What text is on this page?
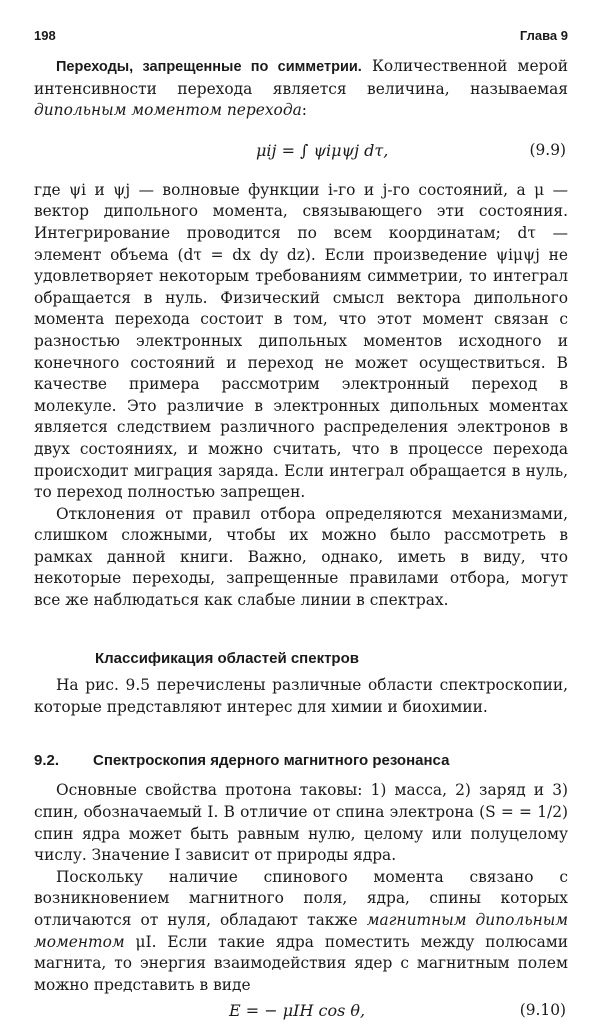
198	Глава 9

Переходы, запрещенные по симметрии. Количественной мерой интенсивности перехода является величина, называемая дипольным моментом перехода:

μij = ∫ ψiμψj dτ,	(9.9)

где ψi и ψj — волновые функции i-го и j-го состояний, а μ — вектор дипольного момента, связывающего эти состояния. Интегрирование проводится по всем координатам; dτ — элемент объема (dτ = dx dy dz). Если произведение ψiμψj не удовлетворяет некоторым требованиям симметрии, то интеграл обращается в нуль. Физический смысл вектора дипольного момента перехода состоит в том, что этот момент связан с разностью электронных дипольных моментов исходного и конечного состояний и переход не может осуществиться. В качестве примера рассмотрим электронный переход в молекуле. Это различие в электронных дипольных моментах является следствием различного распределения электронов в двух состояниях, и можно считать, что в процессе перехода происходит миграция заряда. Если интеграл обращается в нуль, то переход полностью запрещен.

Отклонения от правил отбора определяются механизмами, слишком сложными, чтобы их можно было рассмотреть в рамках данной книги. Важно, однако, иметь в виду, что некоторые переходы, запрещенные правилами отбора, могут все же наблюдаться как слабые линии в спектрах.

Классификация областей спектров

На рис. 9.5 перечислены различные области спектроскопии, которые представляют интерес для химии и биохимии.

9.2. Спектроскопия ядерного магнитного резонанса

Основные свойства протона таковы: 1) масса, 2) заряд и 3) спин, обозначаемый I. В отличие от спина электрона (S = = 1/2) спин ядра может быть равным нулю, целому или полуцелому числу. Значение I зависит от природы ядра.

Поскольку наличие спинового момента связано с возникновением магнитного поля, ядра, спины которых отличаются от нуля, обладают также магнитным дипольным моментом μI. Если такие ядра поместить между полюсами магнита, то энергия взаимодействия ядер с магнитным полем можно представить в виде

E = − μIH cos θ,	(9.10)
